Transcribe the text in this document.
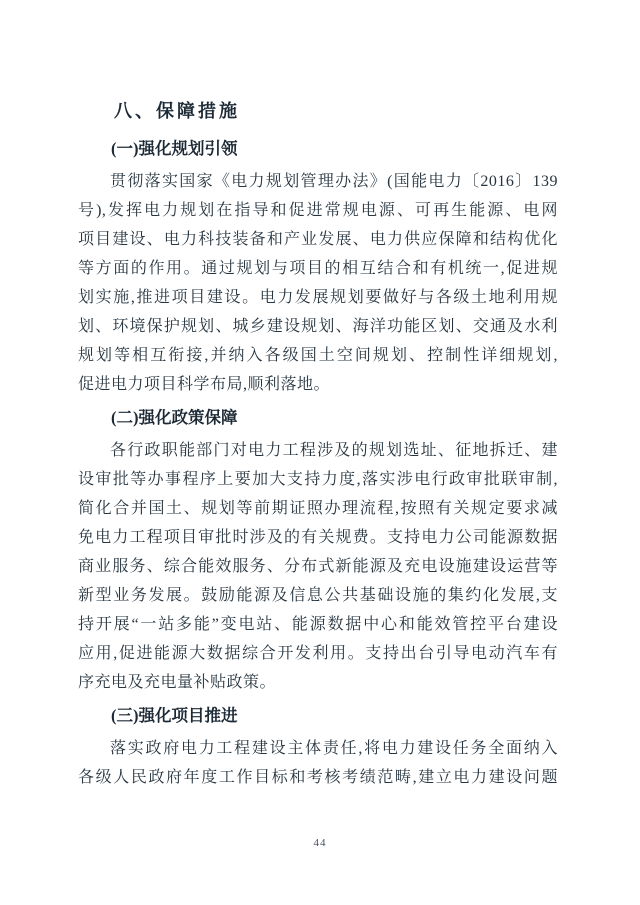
八、保障措施
(一)强化规划引领
贯彻落实国家《电力规划管理办法》(国能电力〔2016〕139
号),发挥电力规划在指导和促进常规电源、可再生能源、电网
项目建设、电力科技装备和产业发展、电力供应保障和结构优化
等方面的作用。通过规划与项目的相互结合和有机统一,促进规
划实施,推进项目建设。电力发展规划要做好与各级土地利用规
划、环境保护规划、城乡建设规划、海洋功能区划、交通及水利
规划等相互衔接,并纳入各级国土空间规划、控制性详细规划,
促进电力项目科学布局,顺利落地。
(二)强化政策保障
各行政职能部门对电力工程涉及的规划选址、征地拆迁、建
设审批等办事程序上要加大支持力度,落实涉电行政审批联审制,
简化合并国土、规划等前期证照办理流程,按照有关规定要求减
免电力工程项目审批时涉及的有关规费。支持电力公司能源数据
商业服务、综合能效服务、分布式新能源及充电设施建设运营等
新型业务发展。鼓励能源及信息公共基础设施的集约化发展,支
持开展“一站多能”变电站、能源数据中心和能效管控平台建设
应用,促进能源大数据综合开发利用。支持出台引导电动汽车有
序充电及充电量补贴政策。
(三)强化项目推进
落实政府电力工程建设主体责任,将电力建设任务全面纳入
各级人民政府年度工作目标和考核考绩范畴,建立电力建设问题
44
